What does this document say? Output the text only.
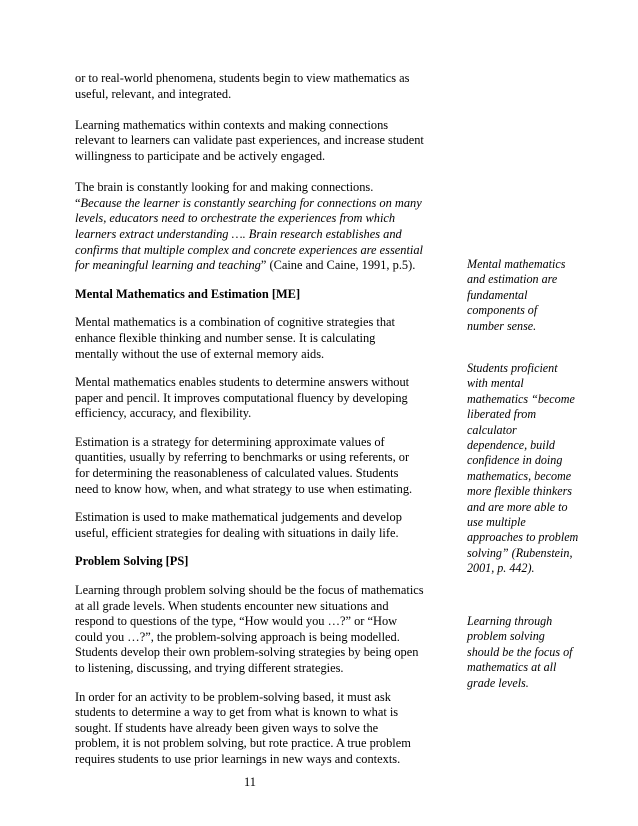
or to real-world phenomena, students begin to view mathematics as
useful, relevant, and integrated.

Learning mathematics within contexts and making connections
relevant to learners can validate past experiences, and increase student
willingness to participate and be actively engaged.

The brain is constantly looking for and making connections.
“Because the learner is constantly searching for connections on many
levels, educators need to orchestrate the experiences from which
learners extract understanding …. Brain research establishes and
confirms that multiple complex and concrete experiences are essential
for meaningful learning and teaching” (Caine and Caine, 1991, p.5).

Mental Mathematics and Estimation [ME]

Mental mathematics is a combination of cognitive strategies that
enhance flexible thinking and number sense. It is calculating
mentally without the use of external memory aids.

Mental mathematics enables students to determine answers without
paper and pencil. It improves computational fluency by developing
efficiency, accuracy, and flexibility.

Estimation is a strategy for determining approximate values of
quantities, usually by referring to benchmarks or using referents, or
for determining the reasonableness of calculated values. Students
need to know how, when, and what strategy to use when estimating.

Estimation is used to make mathematical judgements and develop
useful, efficient strategies for dealing with situations in daily life.

Problem Solving [PS]

Learning through problem solving should be the focus of mathematics
at all grade levels. When students encounter new situations and
respond to questions of the type, “How would you …?” or “How
could you …?”, the problem-solving approach is being modelled.
Students develop their own problem-solving strategies by being open
to listening, discussing, and trying different strategies.

In order for an activity to be problem-solving based, it must ask
students to determine a way to get from what is known to what is
sought. If students have already been given ways to solve the
problem, it is not problem solving, but rote practice. A true problem
requires students to use prior learnings in new ways and contexts.

Mental mathematics
and estimation are
fundamental
components of
number sense.

Students proficient
with mental
mathematics “become
liberated from
calculator
dependence, build
confidence in doing
mathematics, become
more flexible thinkers
and are more able to
use multiple
approaches to problem
solving” (Rubenstein,
2001, p. 442).

Learning through
problem solving
should be the focus of
mathematics at all
grade levels.

11
